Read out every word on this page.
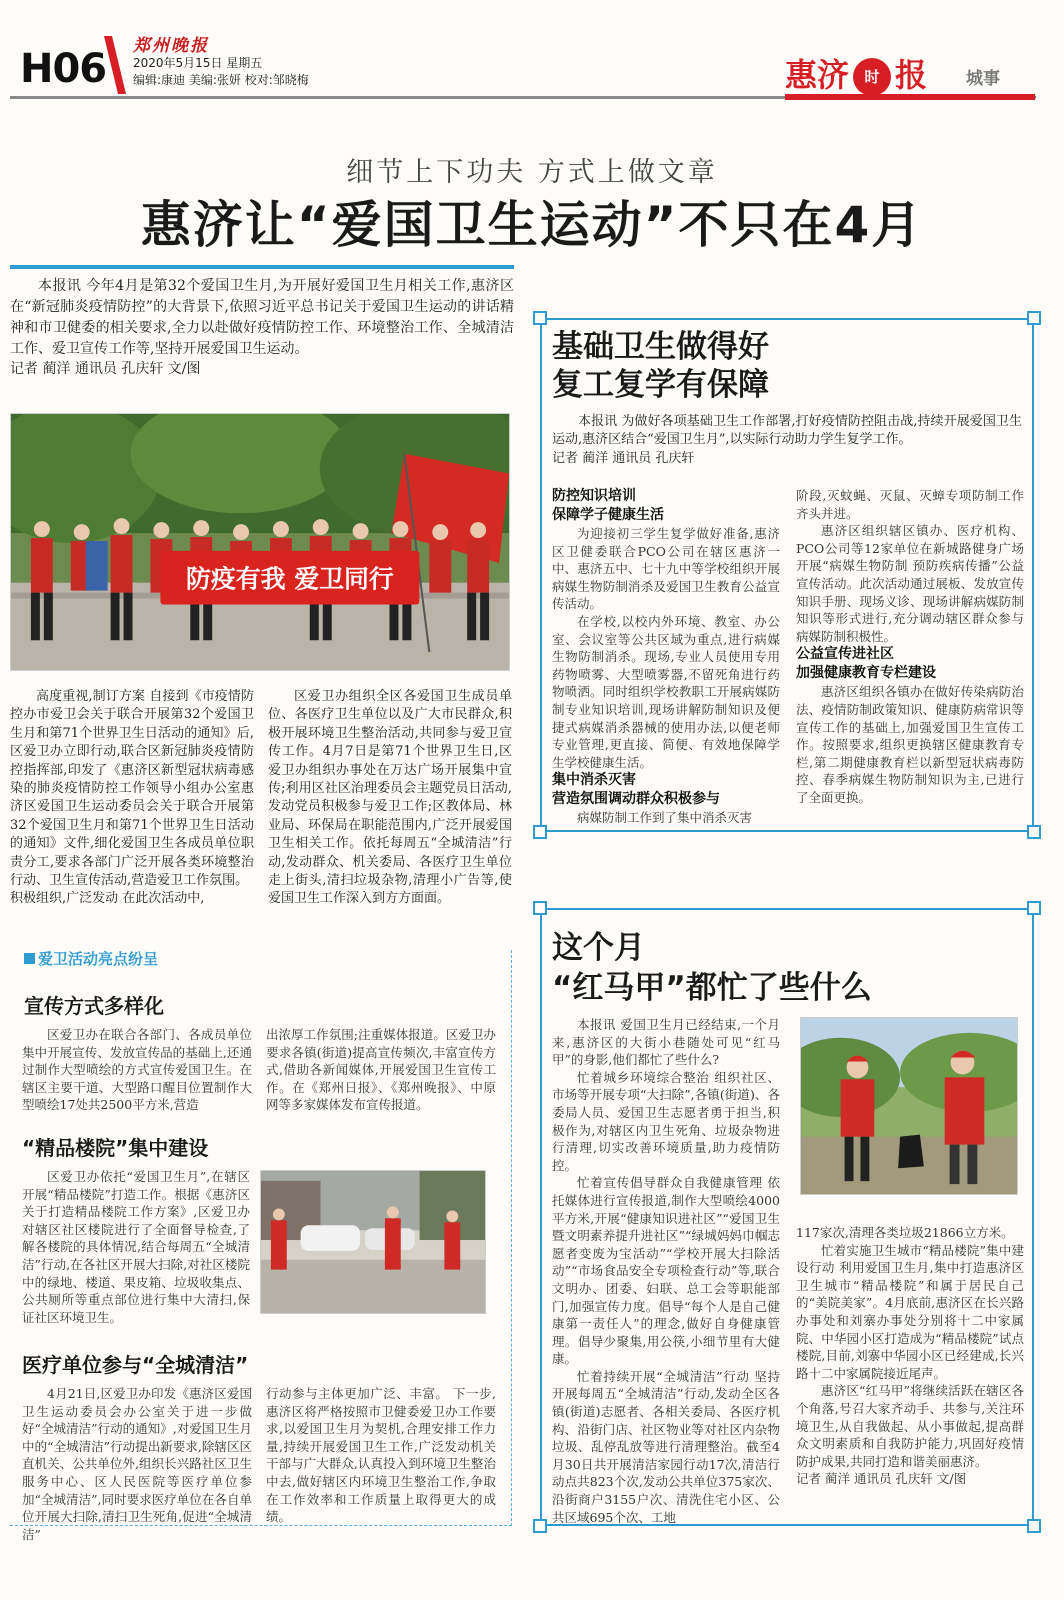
H06 郑州晚报
2020年5月15日 星期五
编辑:康迪 美编:张妍 校对:邹晓梅	惠济 时 报 城事
细节上下功夫 方式上做文章
惠济让“爱国卫生运动”不只在4月

本报讯 今年4月是第32个爱国卫生月,为开展好爱国卫生月相关工作,惠济区在“新冠肺炎疫情防控”的大背景下,依照习近平总书记关于爱国卫生运动的讲话精神和市卫健委的相关要求,全力以赴做好疫情防控工作、环境整治工作、全城清洁工作、爱卫宣传工作等,坚持开展爱国卫生运动。

记者 蔺洋 通讯员 孔庆轩 文/图

防疫有我 爱卫同行

高度重视,制订方案 自接到《市疫情防控办市爱卫会关于联合开展第32个爱国卫生月和第71个世界卫生日活动的通知》后,区爱卫办立即行动,联合区新冠肺炎疫情防控指挥部,印发了《惠济区新型冠状病毒感染的肺炎疫情防控工作领导小组办公室惠济区爱国卫生运动委员会关于联合开展第32个爱国卫生月和第71个世界卫生日活动的通知》文件,细化爱国卫生各成员单位职责分工,要求各部门广泛开展各类环境整治行动、卫生宣传活动,营造爱卫工作氛围。
积极组织,广泛发动 在此次活动中,

区爱卫办组织全区各爱国卫生成员单位、各医疗卫生单位以及广大市民群众,积极开展环境卫生整治活动,共同参与爱卫宣传工作。4月7日是第71个世界卫生日,区爱卫办组织办事处在万达广场开展集中宣传;利用区社区治理委员会主题党员日活动,发动党员积极参与爱卫工作;区教体局、林业局、环保局在职能范围内,广泛开展爱国卫生相关工作。依托每周五“全城清洁”行动,发动群众、机关委局、各医疗卫生单位走上街头,清扫垃圾杂物,清理小广告等,使爱国卫生工作深入到方方面面。

基础卫生做得好
复工复学有保障

本报讯 为做好各项基础卫生工作部署,打好疫情防控阻击战,持续开展爱国卫生运动,惠济区结合“爱国卫生月”,以实际行动助力学生复学工作。

记者 蔺洋 通讯员 孔庆轩

防控知识培训
保障学子健康生活

为迎接初三学生复学做好准备,惠济区卫健委联合PCO公司在辖区惠济一中、惠济五中、七十九中等学校组织开展病媒生物防制消杀及爱国卫生教育公益宣传活动。

在学校,以校内外环境、教室、办公室、会议室等公共区域为重点,进行病媒生物防制消杀。现场,专业人员使用专用药物喷雾、大型喷雾器,不留死角进行药物喷洒。同时组织学校教职工开展病媒防制专业知识培训,现场讲解防制知识及便捷式病媒消杀器械的使用办法,以便老师专业管理,更直接、简便、有效地保障学生学校健康生活。

集中消杀灭害
营造氛围调动群众积极参与

病媒防制工作到了集中消杀灭害

阶段,灭蚊蝇、灭鼠、灭蟑专项防制工作齐头并进。

惠济区组织辖区镇办、医疗机构、PCO公司等12家单位在新城路健身广场开展“病媒生物防制 预防疾病传播”公益宣传活动。此次活动通过展板、发放宣传知识手册、现场义诊、现场讲解病媒防制知识等形式进行,充分调动辖区群众参与病媒防制积极性。

公益宣传进社区
加强健康教育专栏建设

惠济区组织各镇办在做好传染病防治法、疫情防制政策知识、健康防病常识等宣传工作的基础上,加强爱国卫生宣传工作。按照要求,组织更换辖区健康教育专栏,第二期健康教育栏以新型冠状病毒防控、春季病媒生物防制知识为主,已进行了全面更换。

这个月
“红马甲”都忙了些什么

本报讯 爱国卫生月已经结束,一个月来,惠济区的大街小巷随处可见“红马甲”的身影,他们都忙了些什么?

忙着城乡环境综合整治 组织社区、市场等开展专项“大扫除”,各镇(街道)、各委局人员、爱国卫生志愿者勇于担当,积极作为,对辖区内卫生死角、垃圾杂物进行清理,切实改善环境质量,助力疫情防控。

忙着宣传倡导群众自我健康管理 依托媒体进行宣传报道,制作大型喷绘4000平方米,开展“健康知识进社区”“爱国卫生暨文明素养提升进社区”“绿城妈妈巾帼志愿者变废为宝活动”“学校开展大扫除活动”“市场食品安全专项检查行动”等,联合文明办、团委、妇联、总工会等职能部门,加强宣传力度。倡导“每个人是自己健康第一责任人”的理念,做好自身健康管理。倡导少聚集,用公筷,小细节里有大健康。

忙着持续开展“全城清洁”行动 坚持开展每周五“全城清洁”行动,发动全区各镇(街道)志愿者、各相关委局、各医疗机构、沿街门店、社区物业等对社区内杂物垃圾、乱停乱放等进行清理整治。截至4月30日共开展清洁家园行动17次,清洁行动点共823个次,发动公共单位375家次、沿街商户3155户次、清洗住宅小区、公共区域695个次、工地

117家次,清理各类垃圾21866立方米。

忙着实施卫生城市“精品楼院”集中建设行动 利用爱国卫生月,集中打造惠济区卫生城市“精品楼院”和属于居民自己的“美院美家”。4月底前,惠济区在长兴路办事处和刘寨办事处分别将十二中家属院、中华园小区打造成为“精品楼院”试点楼院,目前,刘寨中华园小区已经建成,长兴路十二中家属院接近尾声。

惠济区“红马甲”将继续活跃在辖区各个角落,号召大家齐动手、共参与,关注环境卫生,从自我做起、从小事做起,提高群众文明素质和自我防护能力,巩固好疫情防护成果,共同打造和谐美丽惠济。

记者 蔺洋 通讯员 孔庆轩 文/图

爱卫活动亮点纷呈
宣传方式多样化

区爱卫办在联合各部门、各成员单位集中开展宣传、发放宣传品的基础上,还通过制作大型喷绘的方式宣传爱国卫生。在辖区主要干道、大型路口醒目位置制作大型喷绘17处共2500平方米,营造

出浓厚工作氛围;注重媒体报道。区爱卫办要求各镇(街道)提高宣传频次,丰富宣传方式,借助各新闻媒体,开展爱国卫生宣传工作。在《郑州日报》、《郑州晚报》、中原网等多家媒体发布宣传报道。

“精品楼院”集中建设

区爱卫办依托“爱国卫生月”,在辖区开展“精品楼院”打造工作。根据《惠济区关于打造精品楼院工作方案》,区爱卫办对辖区社区楼院进行了全面督导检查,了解各楼院的具体情况,结合每周五“全城清洁”行动,在各社区开展大扫除,对社区楼院中的绿地、楼道、果皮箱、垃圾收集点、公共厕所等重点部位进行集中大清扫,保证社区环境卫生。

医疗单位参与“全城清洁”

4月21日,区爱卫办印发《惠济区爱国卫生运动委员会办公室关于进一步做好“全城清洁”行动的通知》,对爱国卫生月中的“全城清洁”行动提出新要求,除辖区区直机关、公共单位外,组织长兴路社区卫生服务中心、区人民医院等医疗单位参加“全城清洁”,同时要求医疗单位在各自单位开展大扫除,清扫卫生死角,促进“全城清洁”

行动参与主体更加广泛、丰富。 下一步,惠济区将严格按照市卫健委爱卫办工作要求,以爱国卫生月为契机,合理安排工作力量,持续开展爱国卫生工作,广泛发动机关干部与广大群众,认真投入到环境卫生整治中去,做好辖区内环境卫生整治工作,争取在工作效率和工作质量上取得更大的成绩。
